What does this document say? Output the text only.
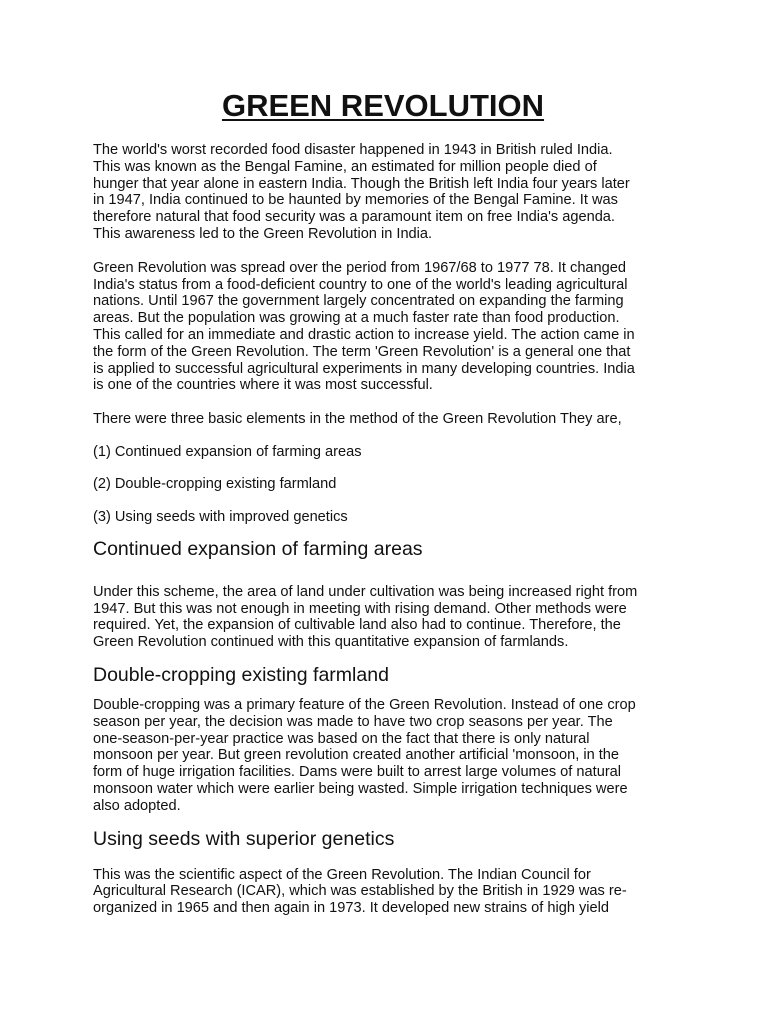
GREEN REVOLUTION

The world's worst recorded food disaster happened in 1943 in British ruled India.
This was known as the Bengal Famine, an estimated for million people died of
hunger that year alone in eastern India. Though the British left India four years later
in 1947, India continued to be haunted by memories of the Bengal Famine. It was
therefore natural that food security was a paramount item on free India's agenda.
This awareness led to the Green Revolution in India.

Green Revolution was spread over the period from 1967/68 to 1977 78. It changed
India's status from a food-deficient country to one of the world's leading agricultural
nations. Until 1967 the government largely concentrated on expanding the farming
areas. But the population was growing at a much faster rate than food production.
This called for an immediate and drastic action to increase yield. The action came in
the form of the Green Revolution. The term 'Green Revolution' is a general one that
is applied to successful agricultural experiments in many developing countries. India
is one of the countries where it was most successful.

There were three basic elements in the method of the Green Revolution They are,

(1) Continued expansion of farming areas

(2) Double-cropping existing farmland

(3) Using seeds with improved genetics

Continued expansion of farming areas

Under this scheme, the area of land under cultivation was being increased right from
1947. But this was not enough in meeting with rising demand. Other methods were
required. Yet, the expansion of cultivable land also had to continue. Therefore, the
Green Revolution continued with this quantitative expansion of farmlands.

Double-cropping existing farmland

Double-cropping was a primary feature of the Green Revolution. Instead of one crop
season per year, the decision was made to have two crop seasons per year. The
one-season-per-year practice was based on the fact that there is only natural
monsoon per year. But green revolution created another artificial 'monsoon, in the
form of huge irrigation facilities. Dams were built to arrest large volumes of natural
monsoon water which were earlier being wasted. Simple irrigation techniques were
also adopted.

Using seeds with superior genetics

This was the scientific aspect of the Green Revolution. The Indian Council for
Agricultural Research (ICAR), which was established by the British in 1929 was re-
organized in 1965 and then again in 1973. It developed new strains of high yield
